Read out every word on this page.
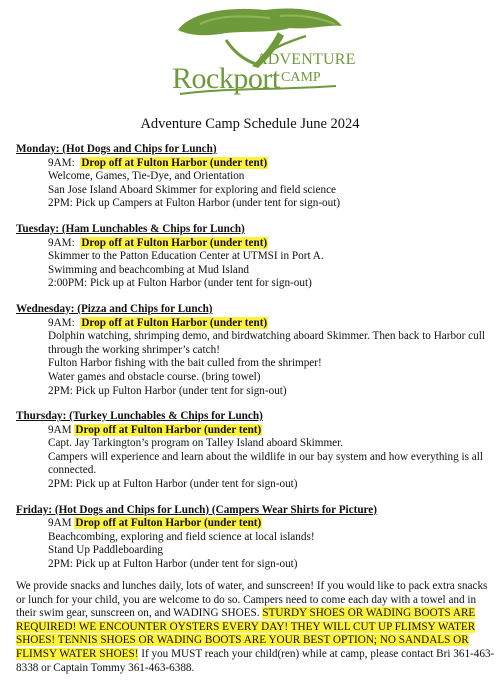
ADVENTURE
Rockport CAMP
Adventure Camp Schedule June 2024
Monday: (Hot Dogs and Chips for Lunch)
9AM: Drop off at Fulton Harbor (under tent)
Welcome, Games, Tie-Dye, and Orientation
San Jose Island Aboard Skimmer for exploring and field science
2PM: Pick up Campers at Fulton Harbor (under tent for sign-out)
Tuesday: (Ham Lunchables & Chips for Lunch)
9AM: Drop off at Fulton Harbor (under tent)
Skimmer to the Patton Education Center at UTMSI in Port A.
Swimming and beachcombing at Mud Island
2:00PM: Pick up at Fulton Harbor (under tent for sign-out)
Wednesday: (Pizza and Chips for Lunch)
9AM: Drop off at Fulton Harbor (under tent)
Dolphin watching, shrimping demo, and birdwatching aboard Skimmer. Then back to Harbor cull through the working shrimper’s catch!
Fulton Harbor fishing with the bait culled from the shrimper!
Water games and obstacle course. (bring towel)
2PM: Pick up Fulton Harbor (under tent for sign-out)
Thursday: (Turkey Lunchables & Chips for Lunch)
9AM Drop off at Fulton Harbor (under tent)
Capt. Jay Tarkington’s program on Talley Island aboard Skimmer.
Campers will experience and learn about the wildlife in our bay system and how everything is all connected.
2PM: Pick up at Fulton Harbor (under tent for sign-out)
Friday: (Hot Dogs and Chips for Lunch) (Campers Wear Shirts for Picture)
9AM Drop off at Fulton Harbor (under tent)
Beachcombing, exploring and field science at local islands!
Stand Up Paddleboarding
2PM: Pick up at Fulton Harbor (under tent for sign-out)
We provide snacks and lunches daily, lots of water, and sunscreen! If you would like to pack extra snacks or lunch for your child, you are welcome to do so. Campers need to come each day with a towel and in their swim gear, sunscreen on, and WADING SHOES. STURDY SHOES OR WADING BOOTS ARE REQUIRED! WE ENCOUNTER OYSTERS EVERY DAY! THEY WILL CUT UP FLIMSY WATER SHOES! TENNIS SHOES OR WADING BOOTS ARE YOUR BEST OPTION; NO SANDALS OR FLIMSY WATER SHOES! If you MUST reach your child(ren) while at camp, please contact Bri 361-463-8338 or Captain Tommy 361-463-6388.
